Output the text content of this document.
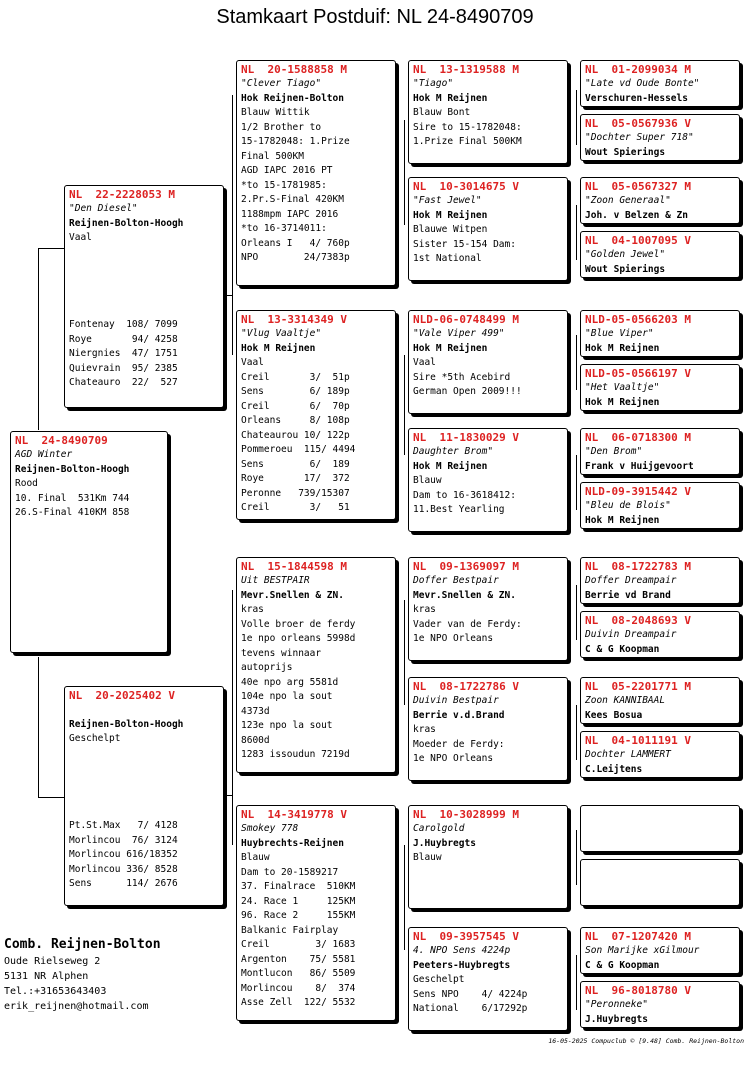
Stamkaart Postduif: NL 24-8490709
NL  24-8490709
AGD Winter
Reijnen-Bolton-Hoogh
Rood
10. Final  531Km 744
26.S-Final 410KM 858
NL  22-2228053 M
"Den Diesel"
Reijnen-Bolton-Hoogh
Vaal

Fontenay  108/ 7099
Roye       94/ 4258
Niergnies  47/ 1751
Quievrain  95/ 2385
Chateauro  22/  527
NL  20-2025402 V

Reijnen-Bolton-Hoogh
Geschelpt

Pt.St.Max   7/ 4128
Morlincou  76/ 3124
Morlincou 616/18352
Morlincou 336/ 8528
Sens      114/ 2676
NL  20-1588858 M
"Clever Tiago"
Hok Reijnen-Bolton
Blauw Wittik
1/2 Brother to
15-1782048: 1.Prize
Final 500KM
AGD IAPC 2016 PT
*to 15-1781985:
2.Pr.S-Final 420KM
1188mpm IAPC 2016
*to 16-3714011:
Orleans I   4/ 760p
NPO        24/7383p
NL  13-3314349 V
"Vlug Vaaltje"
Hok M Reijnen
Vaal
Creil       3/  51p
Sens        6/ 189p
Creil       6/  70p
Orleans     8/ 108p
Chateaurou 10/ 122p
Pommeroeu  115/ 4494
Sens        6/  189
Roye       17/  372
Peronne   739/15307
Creil       3/   51
NL  15-1844598 M
Uit BESTPAIR
Mevr.Snellen & ZN.
kras
Volle broer de ferdy
1e npo orleans 5998d
tevens winnaar
autoprijs
40e npo arg 5581d
104e npo la sout
4373d
123e npo la sout
8600d
1283 issoudun 7219d
NL  14-3419778 V
Smokey 778
Huybrechts-Reijnen
Blauw
Dam to 20-1589217
37. Finalrace  510KM
24. Race 1     125KM
96. Race 2     155KM
Balkanic Fairplay
Creil        3/ 1683
Argenton    75/ 5581
Montlucon   86/ 5509
Morlincou    8/  374
Asse Zell  122/ 5532
NL  13-1319588 M
"Tiago"
Hok M Reijnen
Blauw Bont
Sire to 15-1782048:
1.Prize Final 500KM
NL  10-3014675 V
"Fast Jewel"
Hok M Reijnen
Blauwe Witpen
Sister 15-154 Dam:
1st National
NLD-06-0748499 M
"Vale Viper 499"
Hok M Reijnen
Vaal
Sire *5th Acebird
German Open 2009!!!
NL  11-1830029 V
Daughter Brom"
Hok M Reijnen
Blauw
Dam to 16-3618412:
11.Best Yearling
NL  09-1369097 M
Doffer Bestpair
Mevr.Snellen & ZN.
kras
Vader van de Ferdy:
1e NPO Orleans
NL  08-1722786 V
Duivin Bestpair
Berrie v.d.Brand
kras
Moeder de Ferdy:
1e NPO Orleans
NL  10-3028999 M
Carolgold
J.Huybregts
Blauw
NL  09-3957545 V
4. NPO Sens 4224p
Peeters-Huybregts
Geschelpt
Sens NPO    4/ 4224p
National    6/17292p
NL  01-2099034 M
"Late vd Oude Bonte"
Verschuren-Hessels
NL  05-0567936 V
"Dochter Super 718"
Wout Spierings
NL  05-0567327 M
"Zoon Generaal"
Joh. v Belzen & Zn
NL  04-1007095 V
"Golden Jewel"
Wout Spierings
NLD-05-0566203 M
"Blue Viper"
Hok M Reijnen
NLD-05-0566197 V
"Het Vaaltje"
Hok M Reijnen
NL  06-0718300 M
"Den Brom"
Frank v Huijgevoort
NLD-09-3915442 V
"Bleu de Blois"
Hok M Reijnen
NL  08-1722783 M
Doffer Dreampair
Berrie vd Brand
NL  08-2048693 V
Duivin Dreampair
C & G Koopman
NL  05-2201771 M
Zoon KANNIBAAL
Kees Bosua
NL  04-1011191 V
Dochter LAMMERT
C.Leijtens
NL  07-1207420 M
Son Marijke xGilmour
C & G Koopman
NL  96-8018780 V
"Peronneke"
J.Huybregts
Comb. Reijnen-Bolton
Oude Rielseweg 2
5131 NR Alphen
Tel.:+31653643403
erik_reijnen@hotmail.com
16-05-2025 Compuclub © [9.48] Comb. Reijnen-Bolton
